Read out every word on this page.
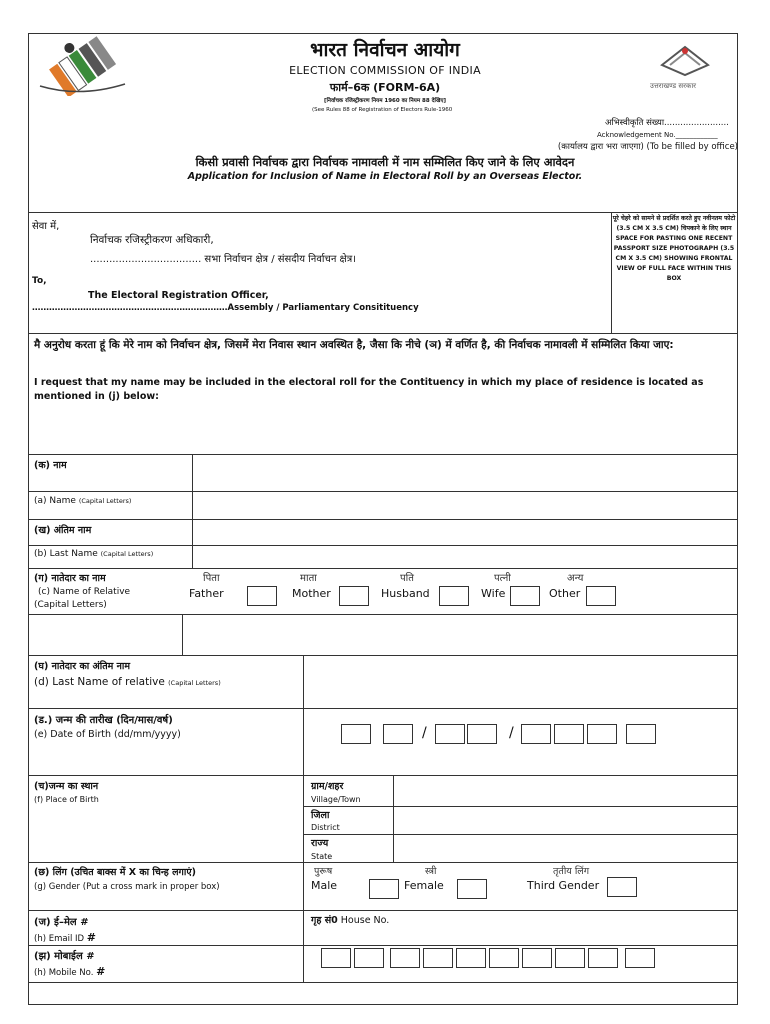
उत्तराखण्ड सरकार
भारत निर्वाचन आयोग
ELECTION COMMISSION OF INDIA
फार्म–6क (FORM-6A)
[निर्वाचक रजिस्ट्रीकरण नियम 1960 का नियम 88 देखिए]
(See Rules 88 of Registration of Electors Rule-1960
अभिस्वीकृति संख्या........................
Acknowledgement No.____________
(कार्यालय द्वारा भरा जाएगा) (To be filled by office)
किसी प्रवासी निर्वाचक द्वारा निर्वाचक नामावली में नाम सम्मिलित किए जाने के लिए आवेदन
Application for Inclusion of Name in Electoral Roll by an Overseas Elector.
सेवा में,
निर्वाचक रजिस्ट्रीकरण अधिकारी,
................................... सभा निर्वाचन क्षेत्र / संसदीय निर्वाचन क्षेत्र।
To,
The Electoral Registration Officer,
……………………………………………………………Assembly / Parliamentary Consitituency
पूरे चेहरे को सामने से प्रदर्शित करते हुए नवीनतम फोटो (3.5 CM X 3.5 CM) चिपकाने के लिए स्थान SPACE FOR PASTING ONE RECENT PASSPORT SIZE PHOTOGRAPH (3.5 CM X 3.5 CM) SHOWING FRONTAL VIEW OF FULL FACE WITHIN THIS BOX
मै अनुरोध करता हूं कि मेरे नाम को निर्वाचन क्षेत्र, जिसमें मेरा निवास स्थान अवस्थित है, जैसा कि नीचे (ञ) में वर्णित है, की निर्वाचक नामावली में सम्मिलित किया जाए:
I request that my name may be included in the electoral roll for the Contituency in which my place of residence is located as mentioned in (j) below:
(क) नाम
(a) Name (Capital Letters)
(ख) अंतिम नाम
(b) Last Name (Capital Letters)
(ग) नातेदार का नाम
(c) Name of Relative
(Capital Letters)
पिता
Father
माता
Mother
पति
Husband
पत्नी
Wife
अन्य
Other
(घ) नातेदार का अंतिम नाम
(d) Last Name of relative (Capital Letters)
(ड.) जन्म की तारीख (दिन/मास/वर्ष)
(e) Date of Birth (dd/mm/yyyy)	/	/
(च)जन्म का स्थान
(f) Place of Birth
ग्राम/शहर
Village/Town
जिला
District
राज्य
State
(छ) लिंग (उचित बाक्स में X का चिन्ह लगाएं)
(g) Gender (Put a cross mark in proper box)
पुरूष
Male
स्त्री
Female
तृतीय लिंग
Third Gender
(ज) ई–मेल #
(h) Email ID #
गृह सं0 House No.
(झ) मोबाईल #
(h) Mobile No. #
